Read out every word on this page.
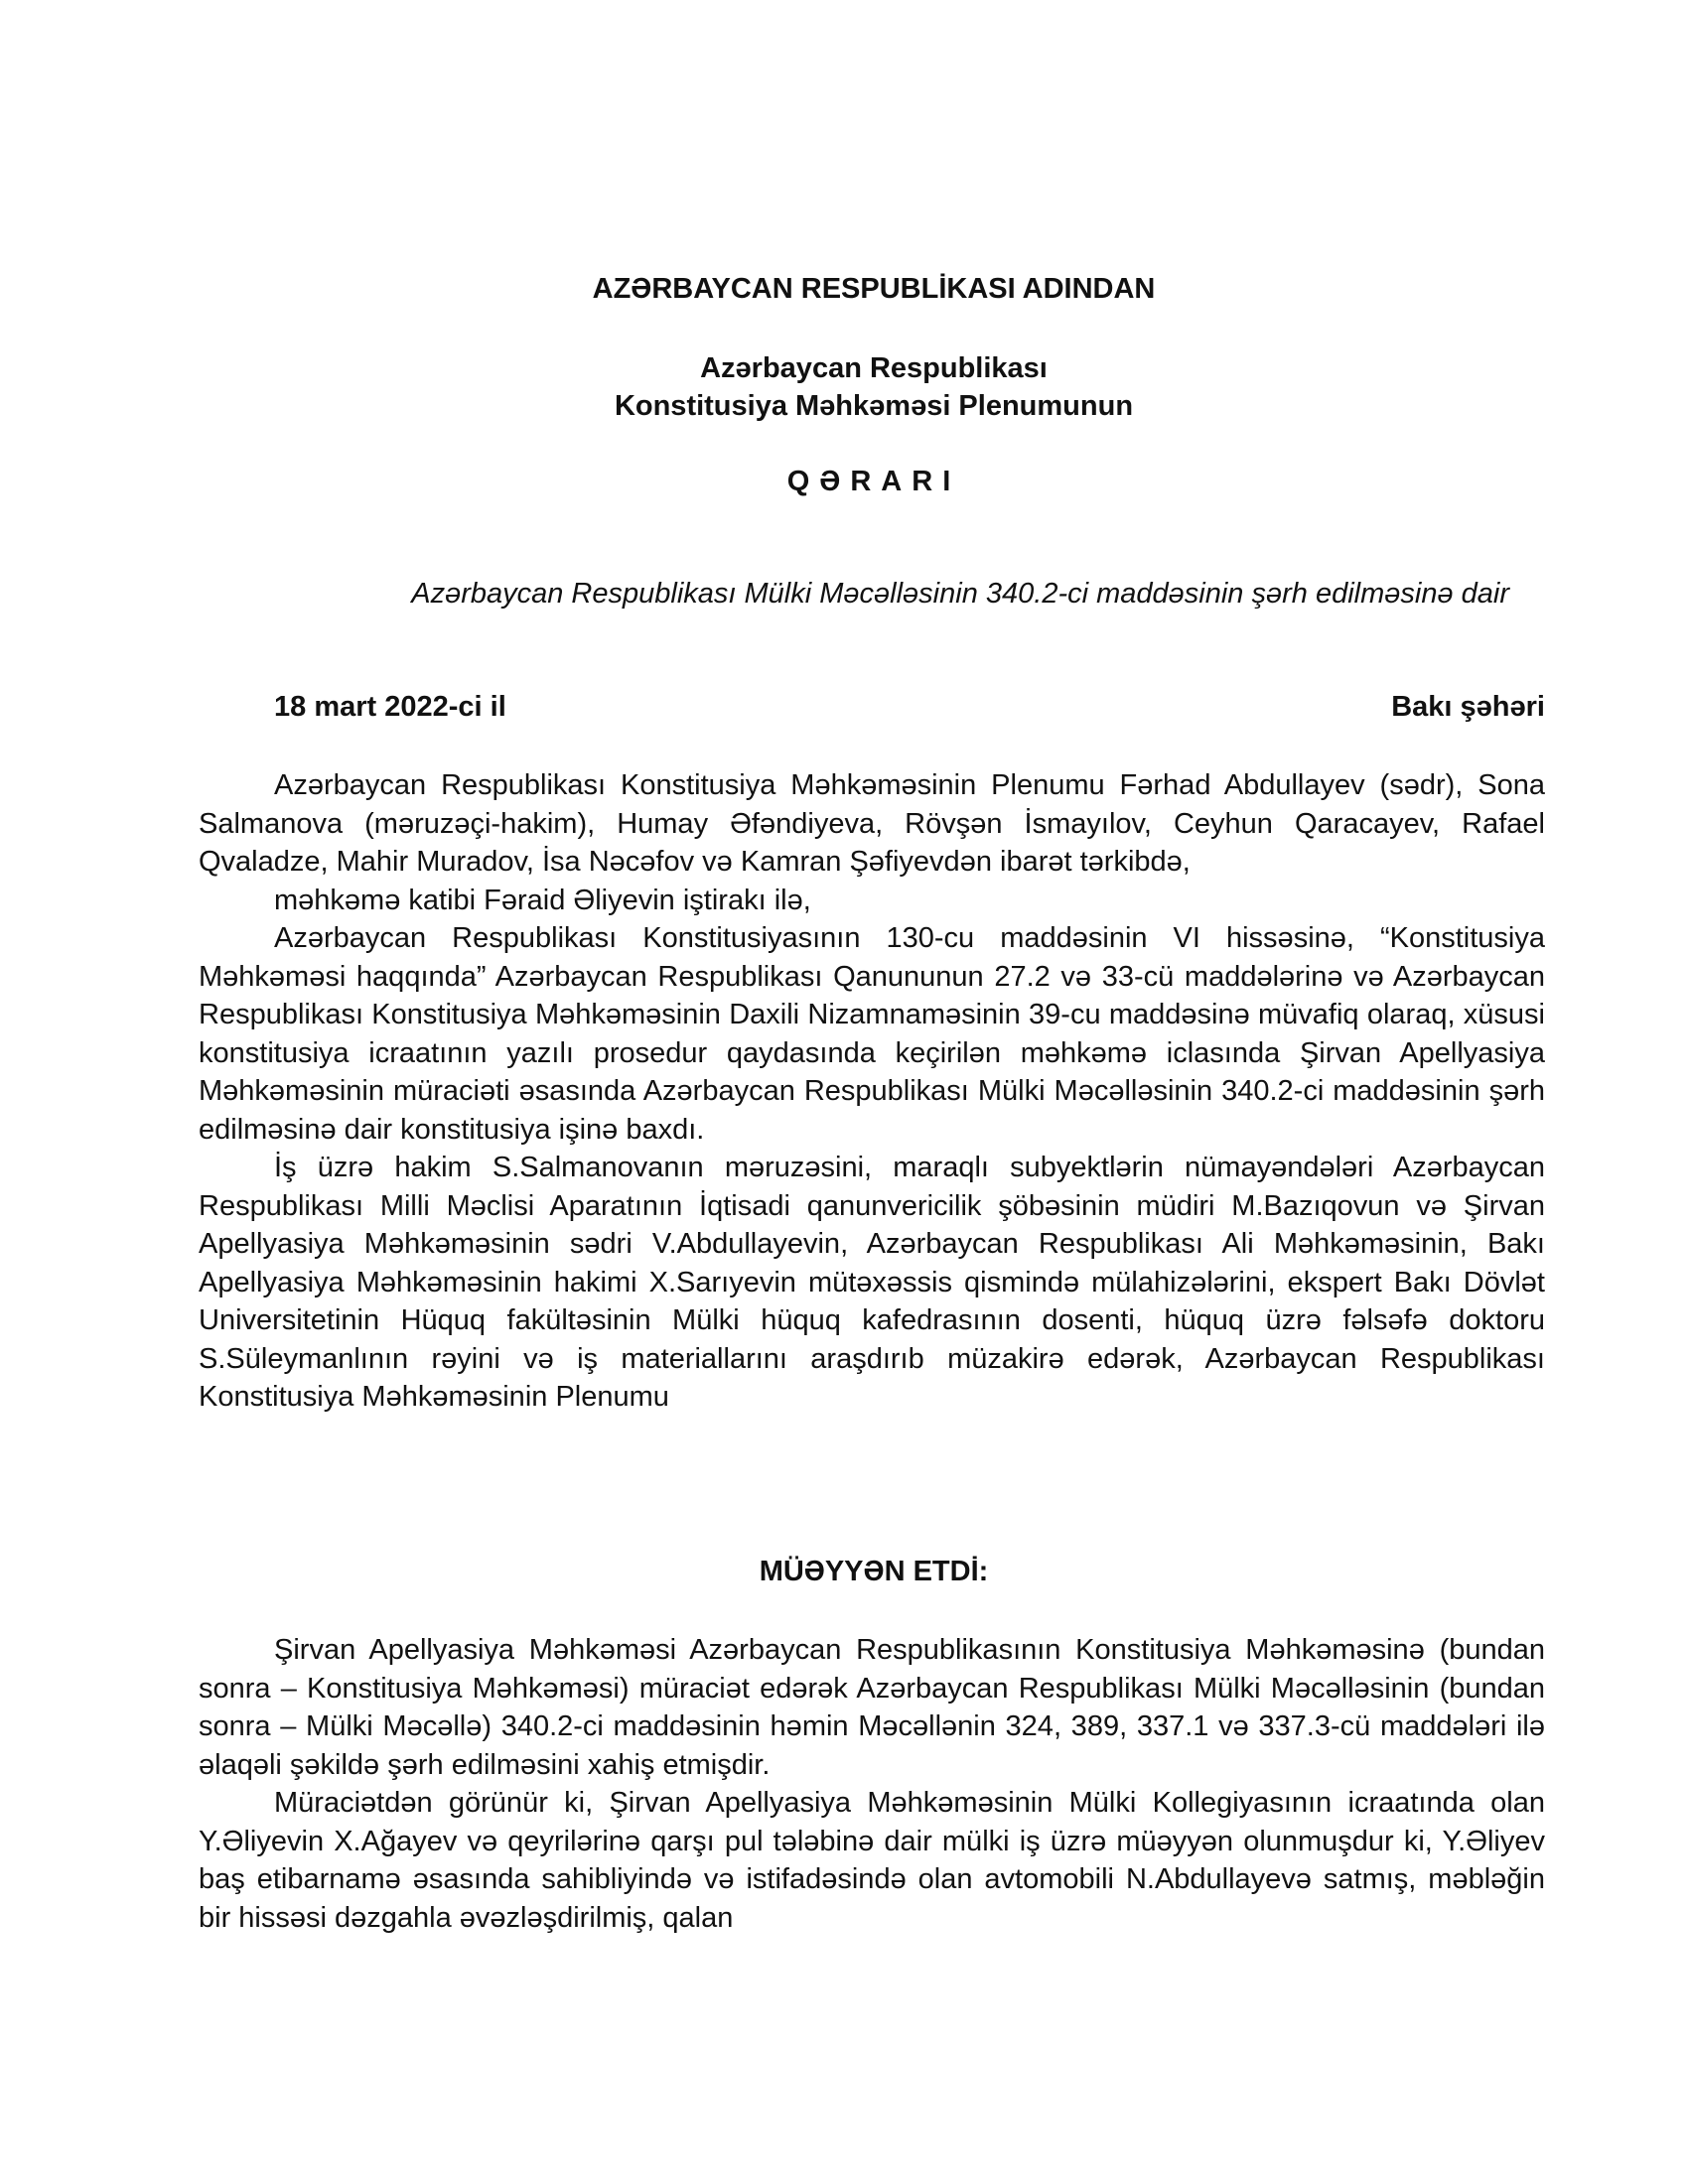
AZƏRBAYCAN RESPUBLİKASI ADINDAN
Azərbaycan Respublikası
Konstitusiya Məhkəməsi Plenumunun
QƏRARI
Azərbaycan Respublikası Mülki Məcəlləsinin 340.2-ci maddəsinin şərh edilməsinə dair
18 mart 2022-ci il	Bakı şəhəri

Azərbaycan Respublikası Konstitusiya Məhkəməsinin Plenumu Fərhad Abdullayev (sədr), Sona Salmanova (məruzəçi-hakim), Humay Əfəndiyeva, Rövşən İsmayılov, Ceyhun Qaracayev, Rafael Qvaladze, Mahir Muradov, İsa Nəcəfov və Kamran Şəfiyevdən ibarət tərkibdə,

məhkəmə katibi Fəraid Əliyevin iştirakı ilə,

Azərbaycan Respublikası Konstitusiyasının 130-cu maddəsinin VI hissəsinə, “Konstitusiya Məhkəməsi haqqında” Azərbaycan Respublikası Qanununun 27.2 və 33-cü maddələrinə və Azərbaycan Respublikası Konstitusiya Məhkəməsinin Daxili Nizamnaməsinin 39-cu maddəsinə müvafiq olaraq, xüsusi konstitusiya icraatının yazılı prosedur qaydasında keçirilən məhkəmə iclasında Şirvan Apellyasiya Məhkəməsinin müraciəti əsasında Azərbaycan Respublikası Mülki Məcəlləsinin 340.2-ci maddəsinin şərh edilməsinə dair konstitusiya işinə baxdı.

İş üzrə hakim S.Salmanovanın məruzəsini, maraqlı subyektlərin nümayəndələri Azərbaycan Respublikası Milli Məclisi Aparatının İqtisadi qanunvericilik şöbəsinin müdiri M.Bazıqovun və Şirvan Apellyasiya Məhkəməsinin sədri V.Abdullayevin, Azərbaycan Respublikası Ali Məhkəməsinin, Bakı Apellyasiya Məhkəməsinin hakimi X.Sarıyevin mütəxəssis qismində mülahizələrini, ekspert Bakı Dövlət Universitetinin Hüquq fakültəsinin Mülki hüquq kafedrasının dosenti, hüquq üzrə fəlsəfə doktoru S.Süleymanlının rəyini və iş materiallarını araşdırıb müzakirə edərək, Azərbaycan Respublikası Konstitusiya Məhkəməsinin Plenumu

MÜƏYYƏN ETDİ:

Şirvan Apellyasiya Məhkəməsi Azərbaycan Respublikasının Konstitusiya Məhkəməsinə (bundan sonra – Konstitusiya Məhkəməsi) müraciət edərək Azərbaycan Respublikası Mülki Məcəlləsinin (bundan sonra – Mülki Məcəllə) 340.2-ci maddəsinin həmin Məcəllənin 324, 389, 337.1 və 337.3-cü maddələri ilə əlaqəli şəkildə şərh edilməsini xahiş etmişdir.

Müraciətdən görünür ki, Şirvan Apellyasiya Məhkəməsinin Mülki Kollegiyasının icraatında olan Y.Əliyevin X.Ağayev və qeyrilərinə qarşı pul tələbinə dair mülki iş üzrə müəyyən olunmuşdur ki, Y.Əliyev baş etibarnamə əsasında sahibliyində və istifadəsində olan avtomobili N.Abdullayevə satmış, məbləğin bir hissəsi dəzgahla əvəzləşdirilmiş, qalan
